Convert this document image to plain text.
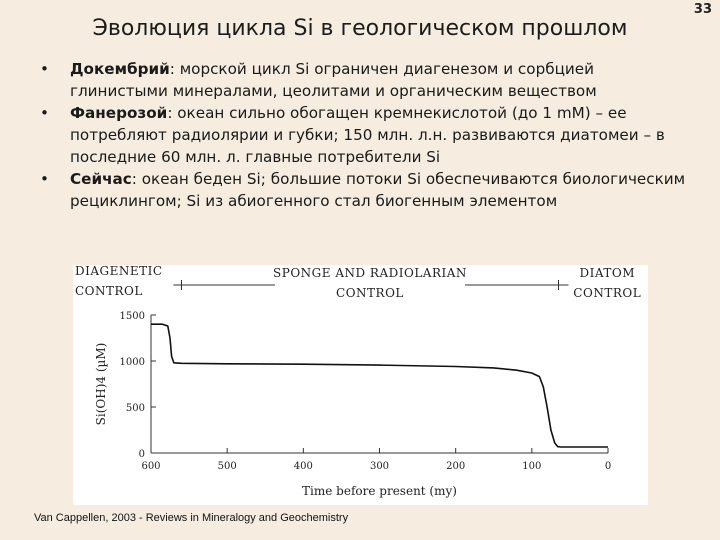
Эволюция цикла Si в геологическом прошлом
33
• Докембрий: морской цикл Si ограничен диагенезом и сорбцией глинистыми минералами, цеолитами и органическим веществом
• Фанерозой: океан сильно обогащен кремнекислотой (до 1 mM) – ее потребляют радиолярии и губки; 150 млн. л.н. развиваются диатомеи – в последние 60 млн. л. главные потребители Si
• Сейчас: океан беден Si; большие потоки Si обеспечиваются биологическим рециклингом; Si из абиогенного стал биогенным элементом
DIAGENETIC
CONTROL
SPONGE AND RADIOLARIAN
CONTROL
DIATOM
CONTROL
0
500
1000
1500
600	500	400	300	200	100	0
Time before present (my)
Si(OH)4 (µM)
Van Cappellen, 2003 - Reviews in Mineralogy and Geochemistry
